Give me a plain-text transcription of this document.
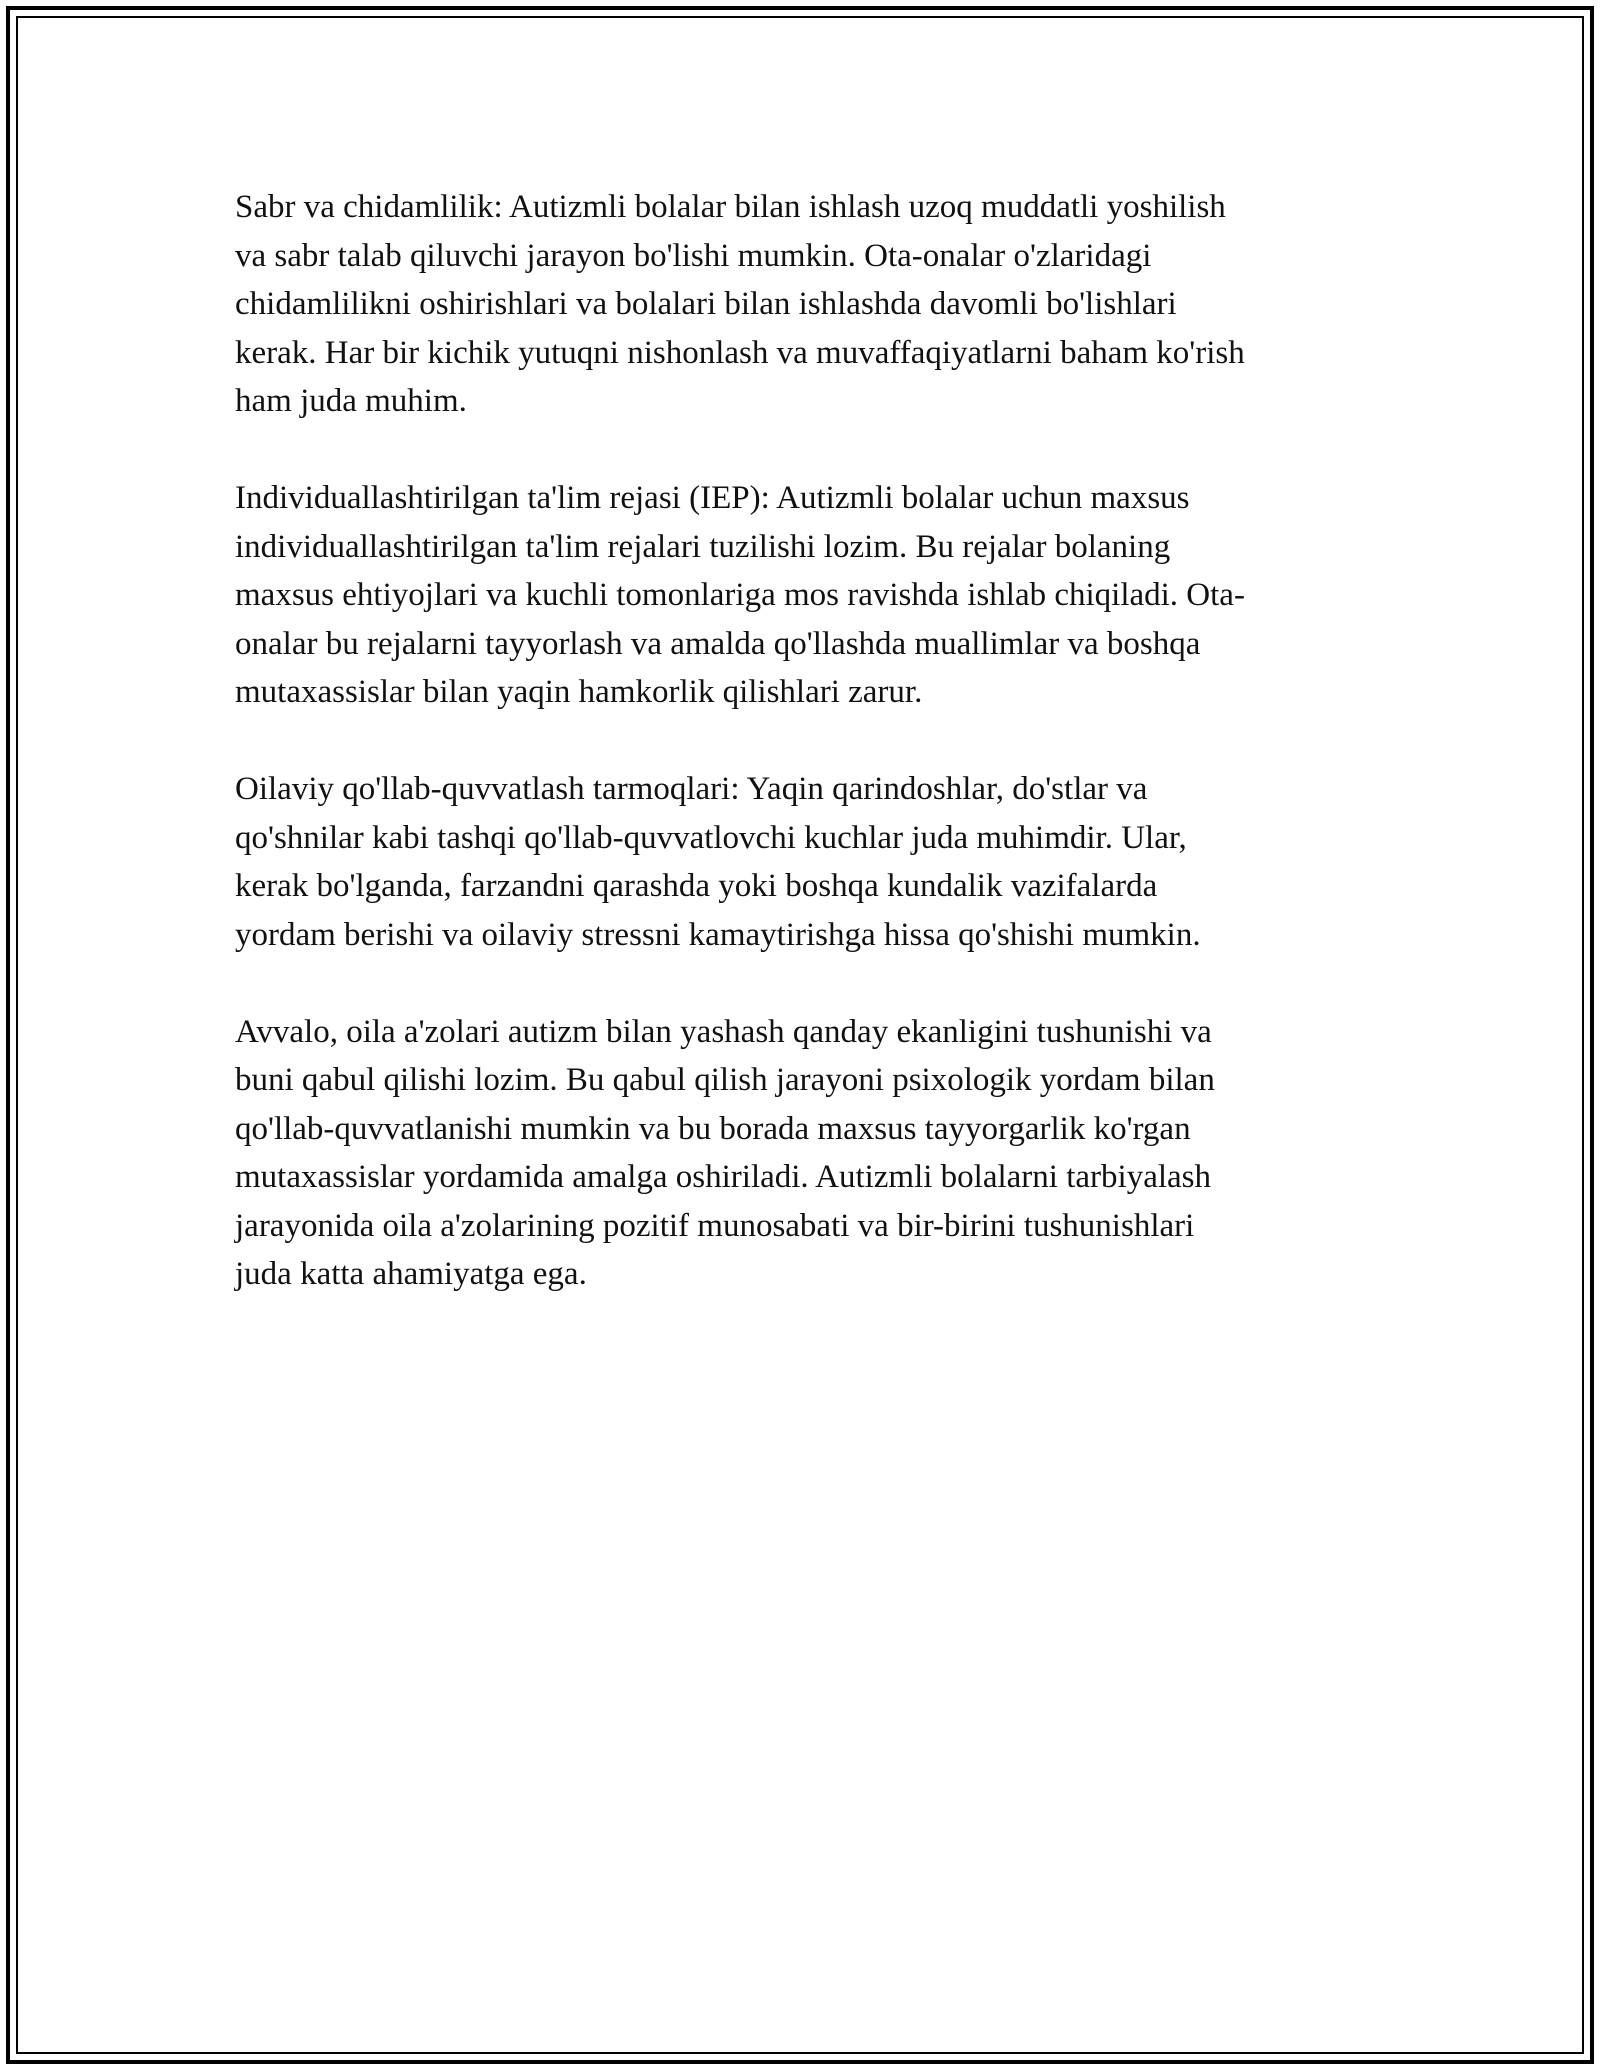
Sabr va chidamlilik: Autizmli bolalar bilan ishlash uzoq muddatli yoshilish
va sabr talab qiluvchi jarayon bo'lishi mumkin. Ota-onalar o'zlaridagi
chidamlilikni oshirishlari va bolalari bilan ishlashda davomli bo'lishlari
kerak. Har bir kichik yutuqni nishonlash va muvaffaqiyatlarni baham ko'rish
ham juda muhim.

Individuallashtirilgan ta'lim rejasi (IEP): Autizmli bolalar uchun maxsus
individuallashtirilgan ta'lim rejalari tuzilishi lozim. Bu rejalar bolaning
maxsus ehtiyojlari va kuchli tomonlariga mos ravishda ishlab chiqiladi. Ota-
onalar bu rejalarni tayyorlash va amalda qo'llashda muallimlar va boshqa
mutaxassislar bilan yaqin hamkorlik qilishlari zarur.

Oilaviy qo'llab-quvvatlash tarmoqlari: Yaqin qarindoshlar, do'stlar va
qo'shnilar kabi tashqi qo'llab-quvvatlovchi kuchlar juda muhimdir. Ular,
kerak bo'lganda, farzandni qarashda yoki boshqa kundalik vazifalarda
yordam berishi va oilaviy stressni kamaytirishga hissa qo'shishi mumkin.

Avvalo, oila a'zolari autizm bilan yashash qanday ekanligini tushunishi va
buni qabul qilishi lozim. Bu qabul qilish jarayoni psixologik yordam bilan
qo'llab-quvvatlanishi mumkin va bu borada maxsus tayyorgarlik ko'rgan
mutaxassislar yordamida amalga oshiriladi. Autizmli bolalarni tarbiyalash
jarayonida oila a'zolarining pozitif munosabati va bir-birini tushunishlari
juda katta ahamiyatga ega.
